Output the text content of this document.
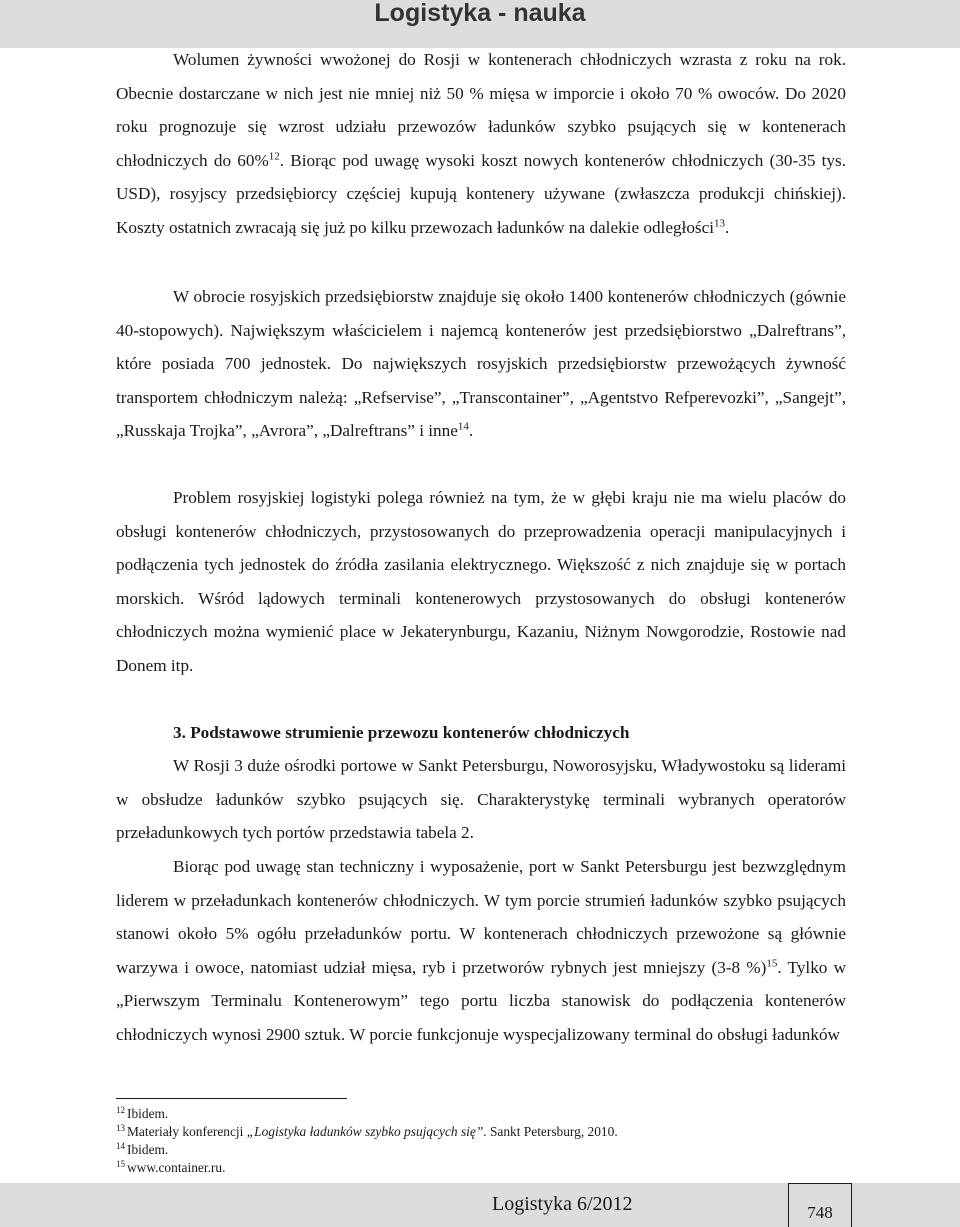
Logistyka - nauka

Wolumen żywności wwożonej do Rosji w kontenerach chłodniczych wzrasta z roku na rok. Obecnie dostarczane w nich jest nie mniej niż 50 % mięsa w imporcie i około 70 % owoców. Do 2020 roku prognozuje się wzrost udziału przewozów ładunków szybko psujących się w kontenerach chłodniczych do 60%$^{12}$. Biorąc pod uwagę wysoki koszt nowych kontenerów chłodniczych (30-35 tys. USD), rosyjscy przedsiębiorcy częściej kupują kontenery używane (zwłaszcza produkcji chińskiej). Koszty ostatnich zwracają się już po kilku przewozach ładunków na dalekie odległości$^{13}$.

W obrocie rosyjskich przedsiębiorstw znajduje się około 1400 kontenerów chłodniczych (gównie 40-stopowych). Największym właścicielem i najemcą kontenerów jest przedsiębiorstwo „Dalreftrans”, które posiada 700 jednostek. Do największych rosyjskich przedsiębiorstw przewożących żywność transportem chłodniczym należą: „Refservise”, „Transcontainer”, „Agentstvo Refperevozki”, „Sangejt”, „Russkaja Trojka”, „Avrora”, „Dalreftrans” i inne$^{14}$.

Problem rosyjskiej logistyki polega również na tym, że w głębi kraju nie ma wielu placów do obsługi kontenerów chłodniczych, przystosowanych do przeprowadzenia operacji manipulacyjnych i podłączenia tych jednostek do źródła zasilania elektrycznego. Większość z nich znajduje się w portach morskich. Wśród lądowych terminali kontenerowych przystosowanych do obsługi kontenerów chłodniczych można wymienić place w Jekaterynburgu, Kazaniu, Niżnym Nowgorodzie, Rostowie nad Donem itp.

3. Podstawowe strumienie przewozu kontenerów chłodniczych

W Rosji 3 duże ośrodki portowe w Sankt Petersburgu, Noworosyjsku, Władywostoku są liderami w obsłudze ładunków szybko psujących się. Charakterystykę terminali wybranych operatorów przeładunkowych tych portów przedstawia tabela 2.

Biorąc pod uwagę stan techniczny i wyposażenie, port w Sankt Petersburgu jest bezwzględnym liderem w przeładunkach kontenerów chłodniczych. W tym porcie strumień ładunków szybko psujących stanowi około 5% ogółu przeładunków portu. W kontenerach chłodniczych przewożone są głównie warzywa i owoce, natomiast udział mięsa, ryb i przetworów rybnych jest mniejszy (3-8 %)$^{15}$. Tylko w „Pierwszym Terminalu Kontenerowym” tego portu liczba stanowisk do podłączenia kontenerów chłodniczych wynosi 2900 sztuk. W porcie funkcjonuje wyspecjalizowany terminal do obsługi ładunków

$^{12}$ Ibidem.
$^{13}$ Materiały konferencji „Logistyka ładunków szybko psujących się”. Sankt Petersburg, 2010.
$^{14}$ Ibidem.
$^{15}$ www.container.ru.
Logistyka 6/2012	748
